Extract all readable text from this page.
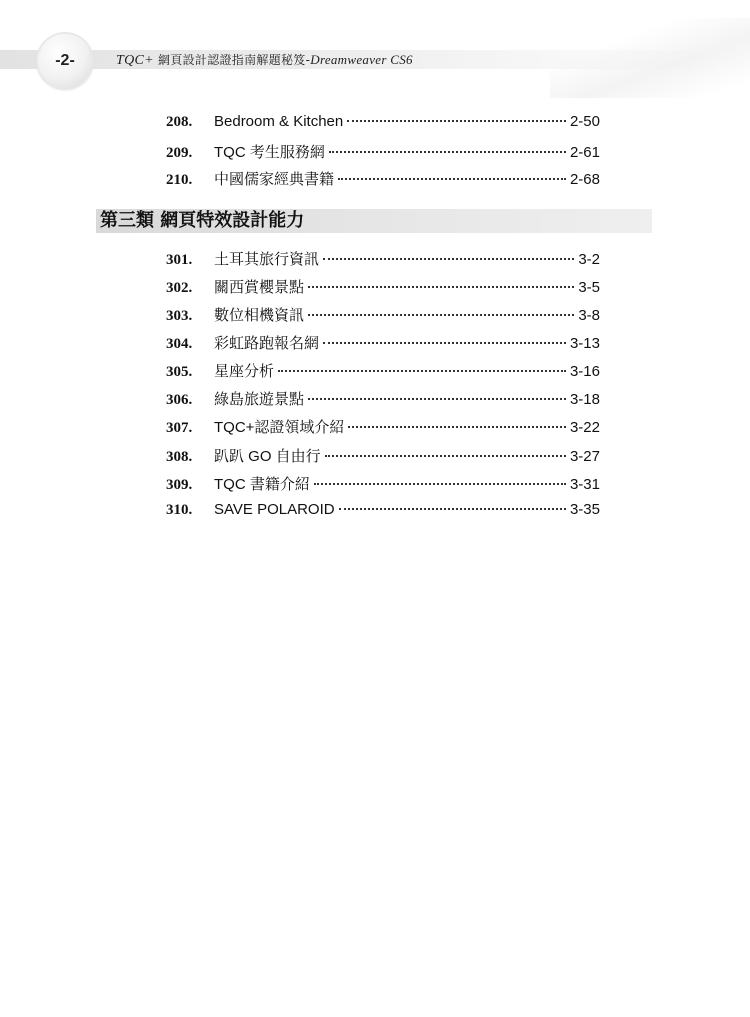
-2-	TQC+ 網頁設計認證指南解題秘笈-Dreamweaver CS6
208.	Bedroom & Kitchen	2-50
209.	TQC 考生服務網	2-61
210.	中國儒家經典書籍	2-68
第三類 網頁特效設計能力
301.	土耳其旅行資訊	3-2
302.	關西賞櫻景點	3-5
303.	數位相機資訊	3-8
304.	彩虹路跑報名網	3-13
305.	星座分析	3-16
306.	綠島旅遊景點	3-18
307.	TQC+認證領域介紹	3-22
308.	趴趴 GO 自由行	3-27
309.	TQC 書籍介紹	3-31
310.	SAVE POLAROID	3-35
